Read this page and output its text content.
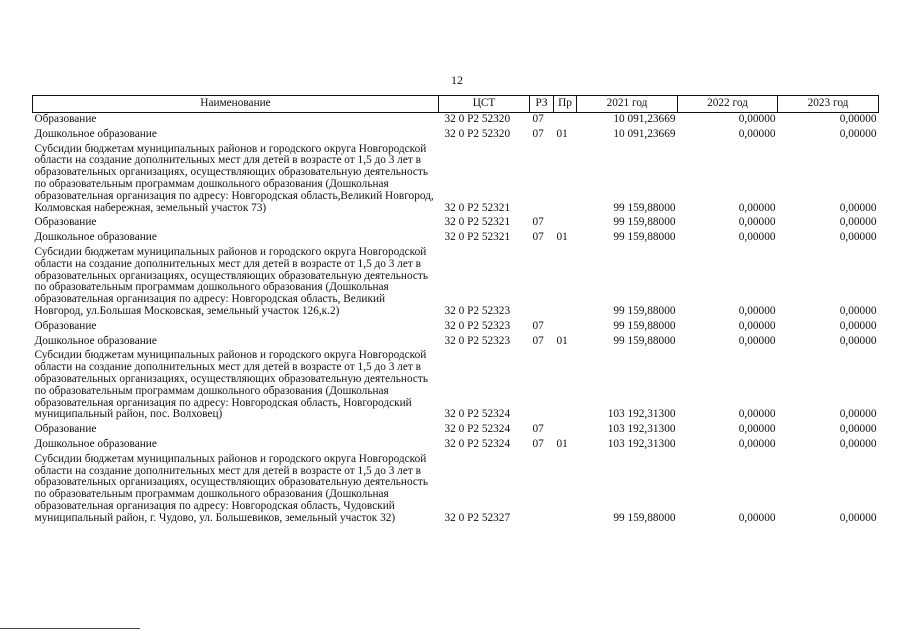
12
Наименование	ЦСТ	РЗ	Пр	2021 год	2022 год	2023 год
Образование	32 0 P2 52320	07		10 091,23669	0,00000	0,00000
Дошкольное образование	32 0 P2 52320	07	01	10 091,23669	0,00000	0,00000
Субсидии бюджетам муниципальных районов и городского округа Новгородской области на создание дополнительных мест для детей в возрасте от 1,5 до 3 лет в образовательных организациях, осуществляющих образовательную деятельность по образовательным программам дошкольного образования (Дошкольная образовательная организация по адресу: Новгородская область,Великий Новгород, Колмовская набережная, земельный участок 73)	32 0 P2 52321			99 159,88000	0,00000	0,00000
Образование	32 0 P2 52321	07		99 159,88000	0,00000	0,00000
Дошкольное образование	32 0 P2 52321	07	01	99 159,88000	0,00000	0,00000
Субсидии бюджетам муниципальных районов и городского округа Новгородской области на создание дополнительных мест для детей в возрасте от 1,5 до 3 лет в образовательных организациях, осуществляющих образовательную деятельность по образовательным программам дошкольного образования (Дошкольная образовательная организация по адресу: Новгородская область, Великий Новгород, ул.Большая Московская, земельный участок 126,к.2)	32 0 P2 52323			99 159,88000	0,00000	0,00000
Образование	32 0 P2 52323	07		99 159,88000	0,00000	0,00000
Дошкольное образование	32 0 P2 52323	07	01	99 159,88000	0,00000	0,00000
Субсидии бюджетам муниципальных районов и городского округа Новгородской области на создание дополнительных мест для детей в возрасте от 1,5 до 3 лет в образовательных организациях, осуществляющих образовательную деятельность по образовательным программам дошкольного образования (Дошкольная образовательная организация по адресу: Новгородская область, Новгородский муниципальный район, пос. Волховец)	32 0 P2 52324			103 192,31300	0,00000	0,00000
Образование	32 0 P2 52324	07		103 192,31300	0,00000	0,00000
Дошкольное образование	32 0 P2 52324	07	01	103 192,31300	0,00000	0,00000
Субсидии бюджетам муниципальных районов и городского округа Новгородской области на создание дополнительных мест для детей в возрасте от 1,5 до 3 лет в образовательных организациях, осуществляющих образовательную деятельность по образовательным программам дошкольного образования (Дошкольная образовательная организация по адресу: Новгородская область, Чудовский муниципальный район, г. Чудово, ул. Большевиков, земельный участок 32)	32 0 P2 52327			99 159,88000	0,00000	0,00000
